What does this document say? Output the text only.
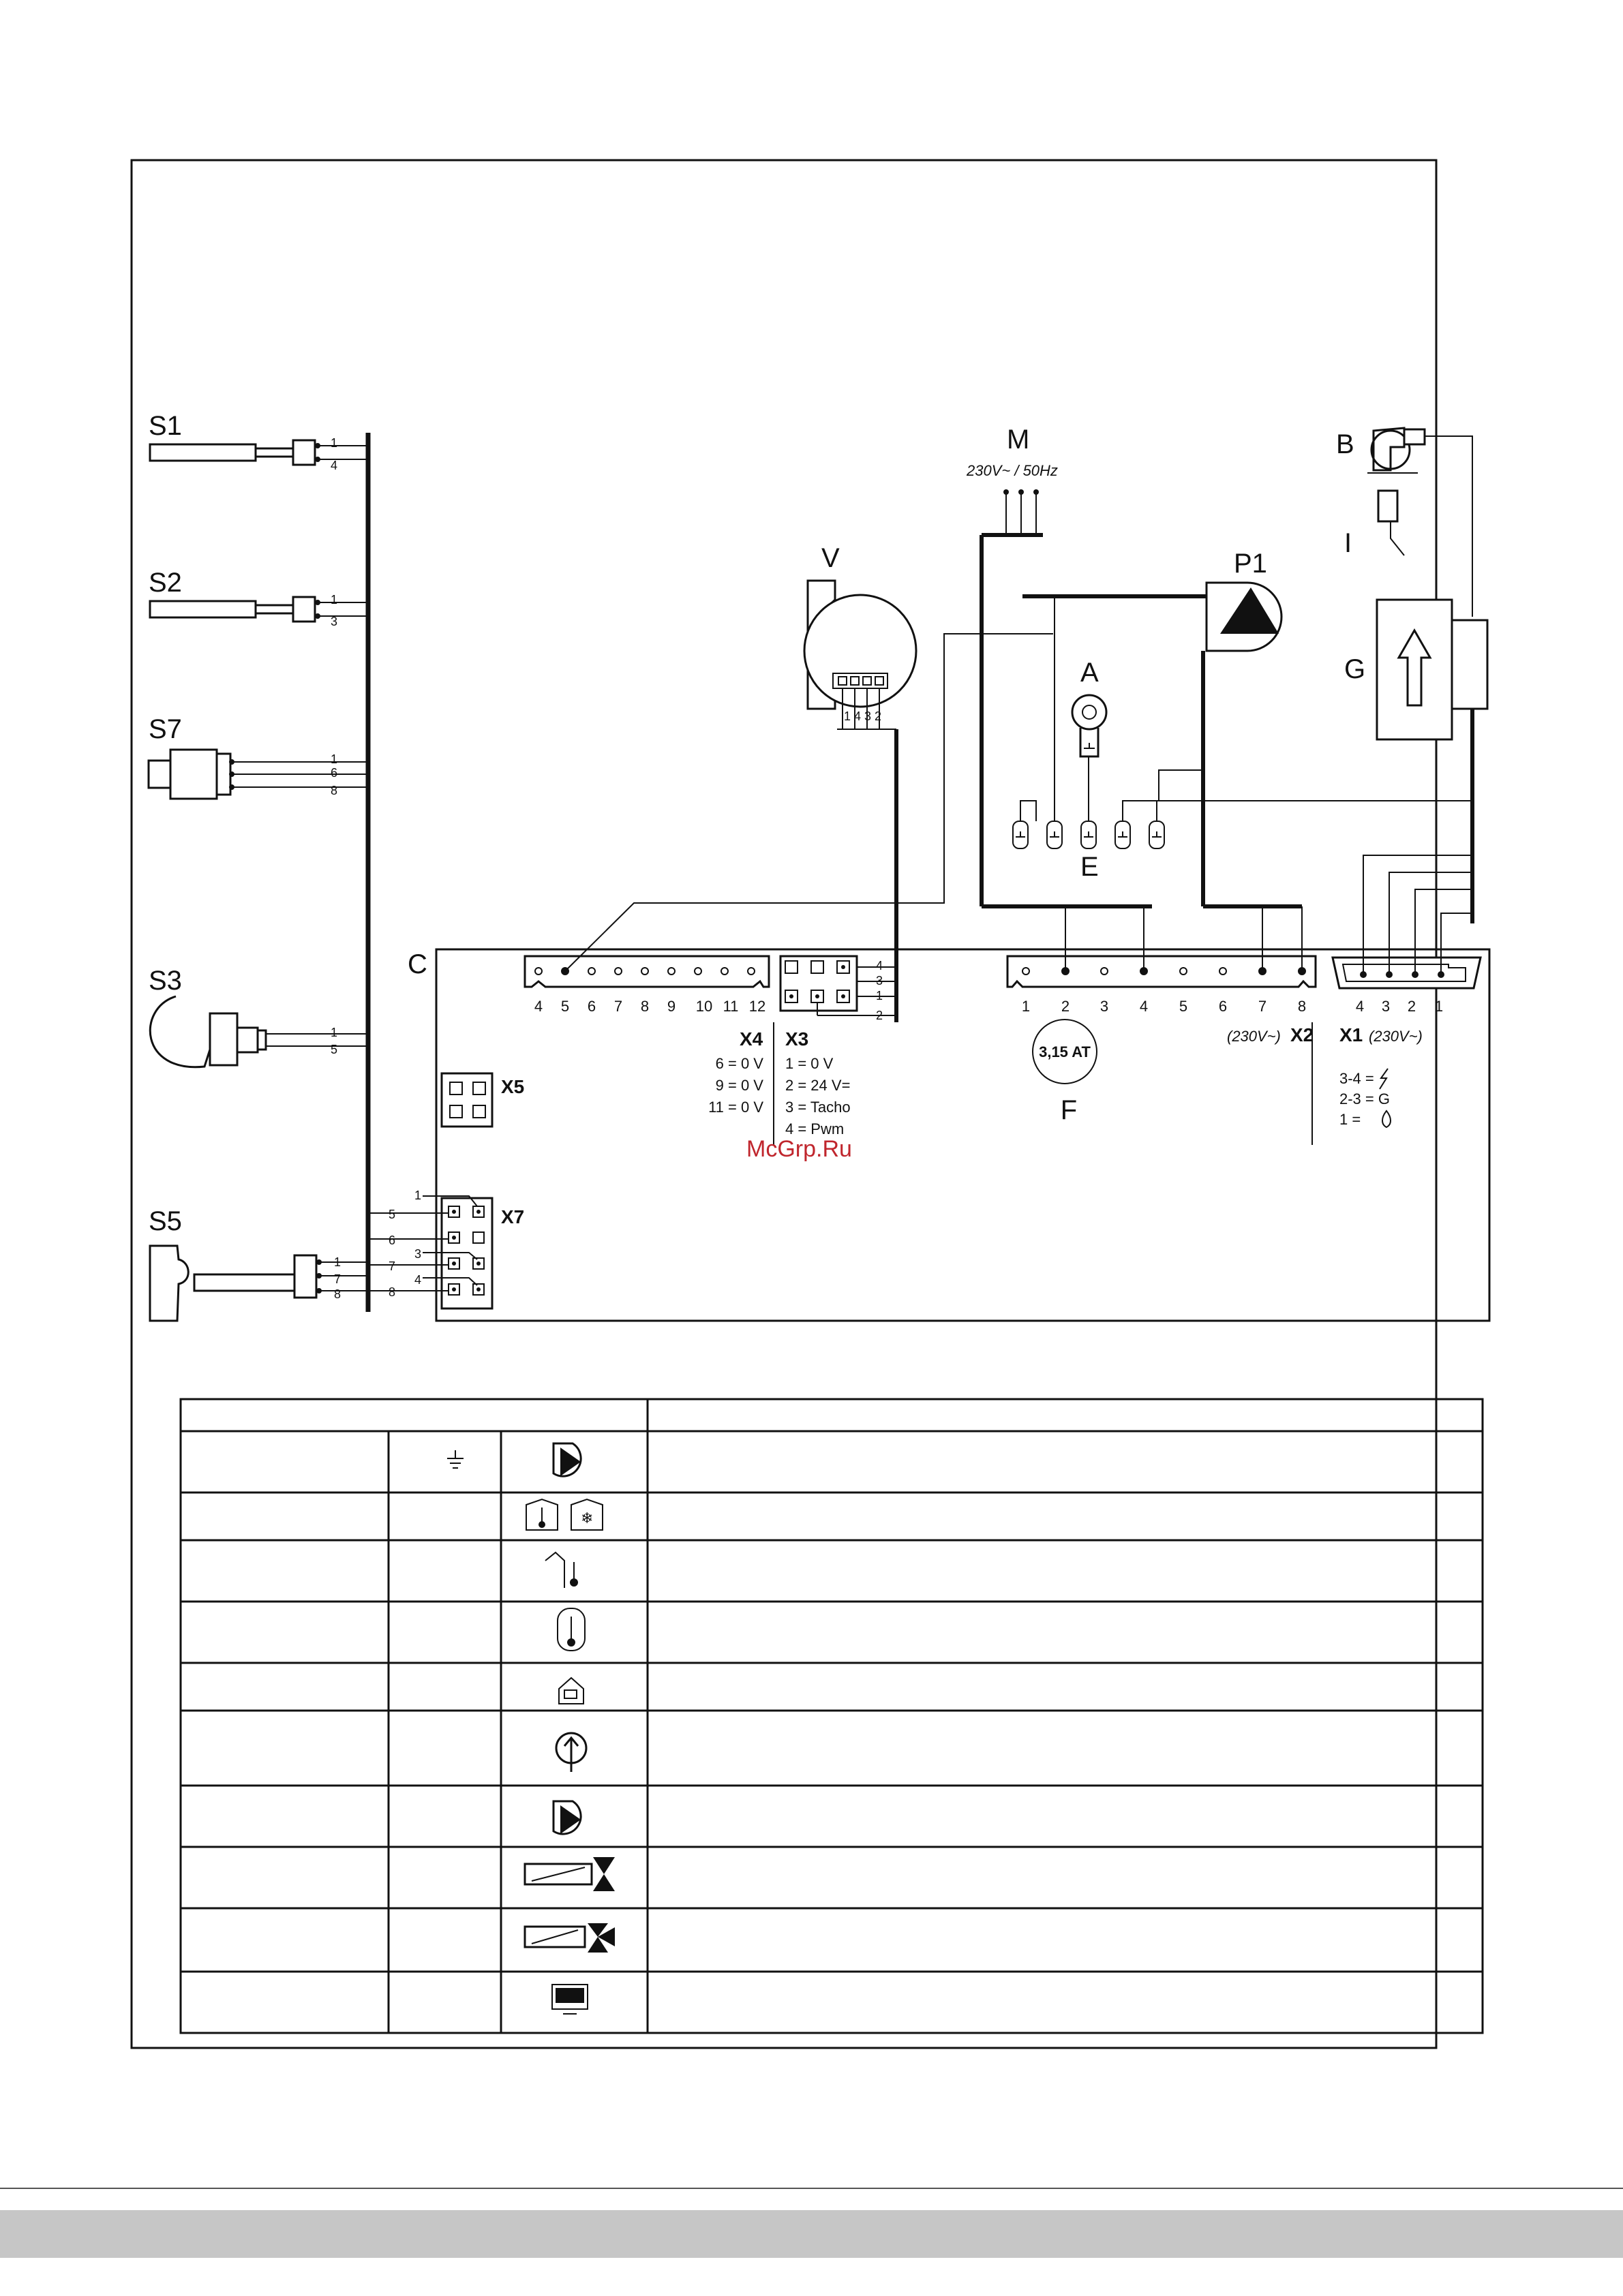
S1
1
4
S2
1
3
S7
1
6
8
S3
1
5
S5
1
7
8
C
4 5 6 7 8 9 10 11 12
X4
6 = 0 V
9 = 0 V
11 = 0 V
4
3
1
2
X3
1 = 0 V
2 = 24 V=
3 = Tacho
4 = Pwm
1 2 3 4 5 6 7 8
(230V~) X2
3,15 AT
F
4 3 2 1
X1 (230V~)
3-4 =
2-3 = G
1 =
X5
X7
1
5
6
3
7
4
8
V
1 4 3 2
M
230V~ / 50Hz
P1
A
E
B
I
G
McGrp.Ru
❄
